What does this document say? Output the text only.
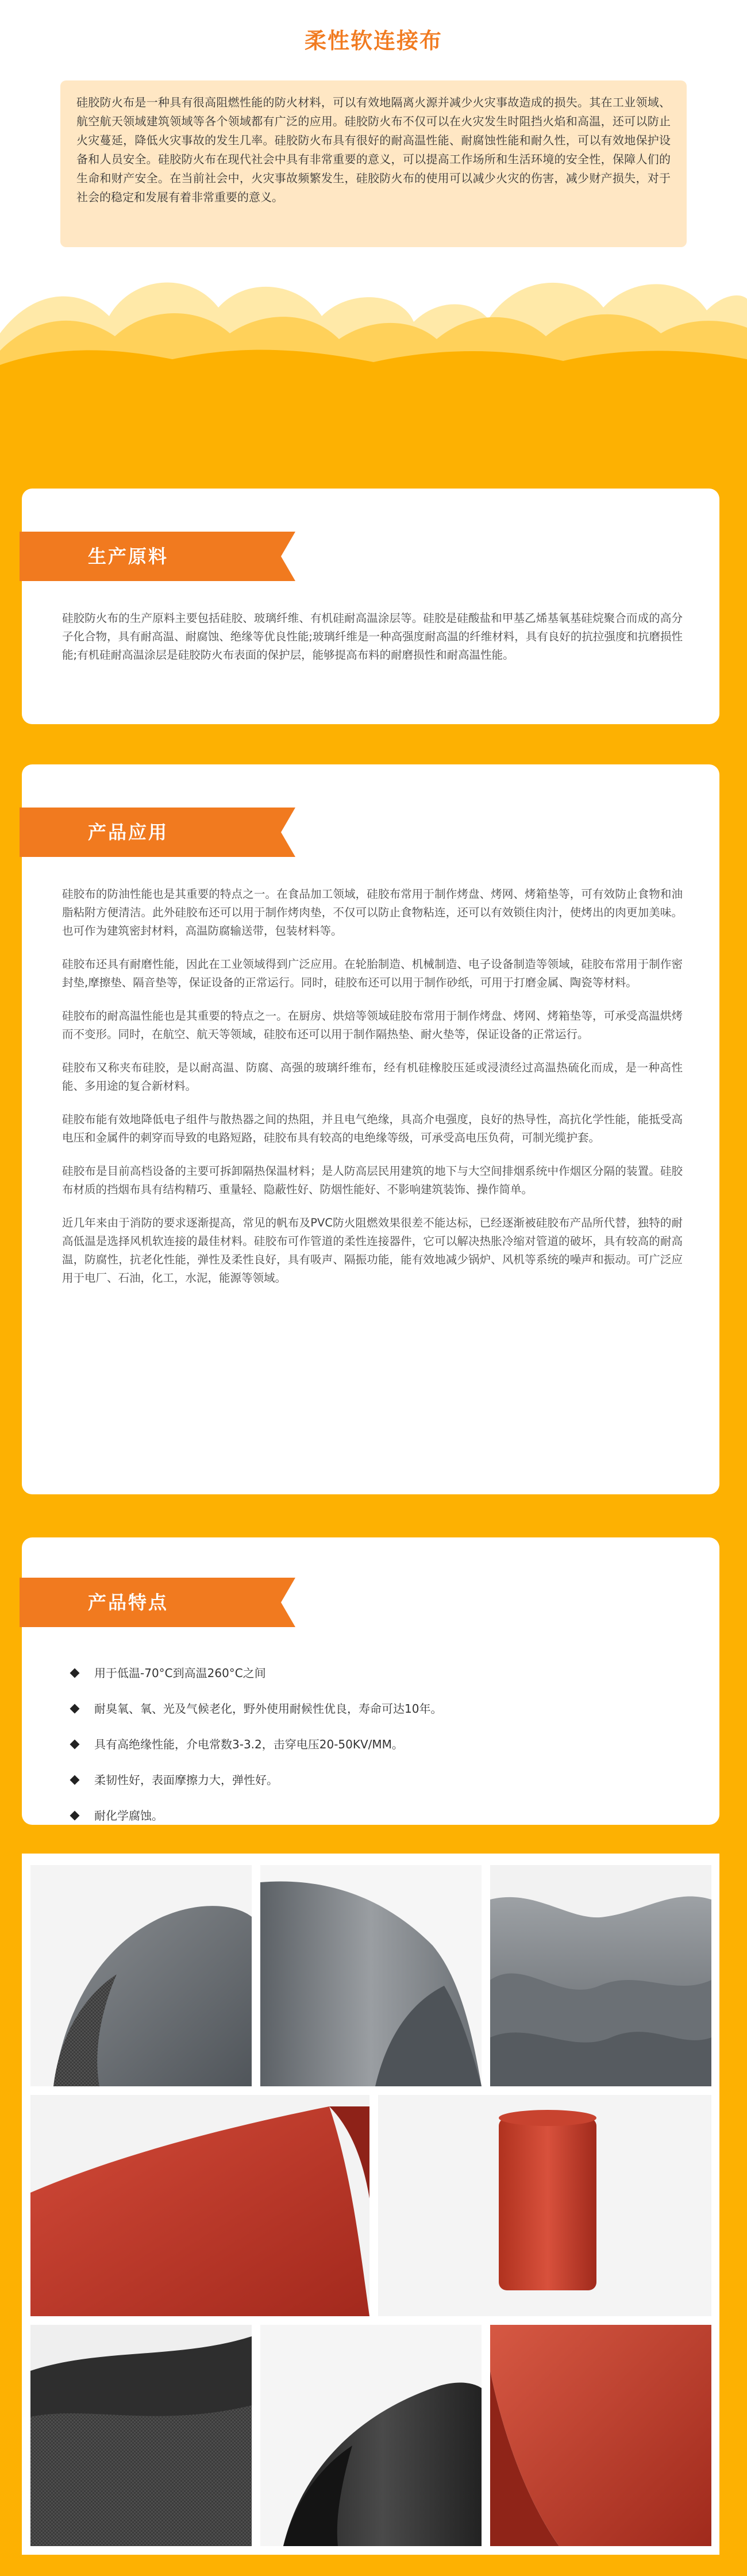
柔性软连接布
硅胶防火布是一种具有很高阻燃性能的防火材料，可以有效地隔离火源并减少火灾事故造成的损失。其在工业领域、航空航天领域建筑领域等各个领域都有广泛的应用。硅胶防火布不仅可以在火灾发生时阻挡火焰和高温，还可以防止火灾蔓延，降低火灾事故的发生几率。硅胶防火布具有很好的耐高温性能、耐腐蚀性能和耐久性，可以有效地保护设备和人员安全。硅胶防火布在现代社会中具有非常重要的意义，可以提高工作场所和生活环境的安全性，保障人们的生命和财产安全。在当前社会中，火灾事故频繁发生，硅胶防火布的使用可以减少火灾的伤害，减少财产损失，对于社会的稳定和发展有着非常重要的意义。
生产原料
硅胶防火布的生产原料主要包括硅胶、玻璃纤维、有机硅耐高温涂层等。硅胶是硅酸盐和甲基乙烯基氧基硅烷聚合而成的高分子化合物，具有耐高温、耐腐蚀、绝缘等优良性能;玻璃纤维是一种高强度耐高温的纤维材料，具有良好的抗拉强度和抗磨损性能;有机硅耐高温涂层是硅胶防火布表面的保护层，能够提高布料的耐磨损性和耐高温性能。
产品应用

硅胶布的防油性能也是其重要的特点之一。在食品加工领域，硅胶布常用于制作烤盘、烤网、烤箱垫等，可有效防止食物和油脂粘附方便清洁。此外硅胶布还可以用于制作烤肉垫，不仅可以防止食物粘连，还可以有效锁住肉汁，使烤出的肉更加美味。也可作为建筑密封材料，高温防腐输送带，包装材料等。

硅胶布还具有耐磨性能，因此在工业领域得到广泛应用。在轮胎制造、机械制造、电子设备制造等领域，硅胶布常用于制作密封垫,摩擦垫、隔音垫等，保证设备的正常运行。同时，硅胶布还可以用于制作砂纸，可用于打磨金属、陶瓷等材料。

硅胶布的耐高温性能也是其重要的特点之一。在厨房、烘焙等领域硅胶布常用于制作烤盘、烤网、烤箱垫等，可承受高温烘烤而不变形。同时，在航空、航天等领域，硅胶布还可以用于制作隔热垫、耐火垫等，保证设备的正常运行。

硅胶布又称夹布硅胶，是以耐高温、防腐、高强的玻璃纤维布，经有机硅橡胶压延或浸渍经过高温热硫化而成，是一种高性能、多用途的复合新材料。

硅胶布能有效地降低电子组件与散热器之间的热阻，并且电气绝缘，具高介电强度，良好的热导性，高抗化学性能，能抵受高电压和金属件的刺穿而导致的电路短路，硅胶布具有较高的电绝缘等级，可承受高电压负荷，可制光缆护套。

硅胶布是目前高档设备的主要可拆卸隔热保温材料；是人防高层民用建筑的地下与大空间排烟系统中作烟区分隔的装置。硅胶布材质的挡烟布具有结构精巧、重量轻、隐蔽性好、防烟性能好、不影响建筑装饰、操作简单。

近几年来由于消防的要求逐渐提高，常见的帆布及PVC防火阻燃效果很差不能达标，已经逐渐被硅胶布产品所代替，独特的耐高低温是选择风机软连接的最佳材料。硅胶布可作管道的柔性连接器件，它可以解决热胀冷缩对管道的破坏，具有较高的耐高温，防腐性，抗老化性能，弹性及柔性良好，具有吸声、隔振功能，能有效地减少锅炉、风机等系统的噪声和振动。可广泛应用于电厂、石油，化工，水泥，能源等领域。

产品特点
用于低温-70°C到高温260°C之间
耐臭氧、氧、光及气候老化，野外使用耐候性优良，寿命可达10年。
具有高绝缘性能，介电常数3-3.2，击穿电压20-50KV/MM。
柔韧性好，表面摩擦力大，弹性好。
耐化学腐蚀。
